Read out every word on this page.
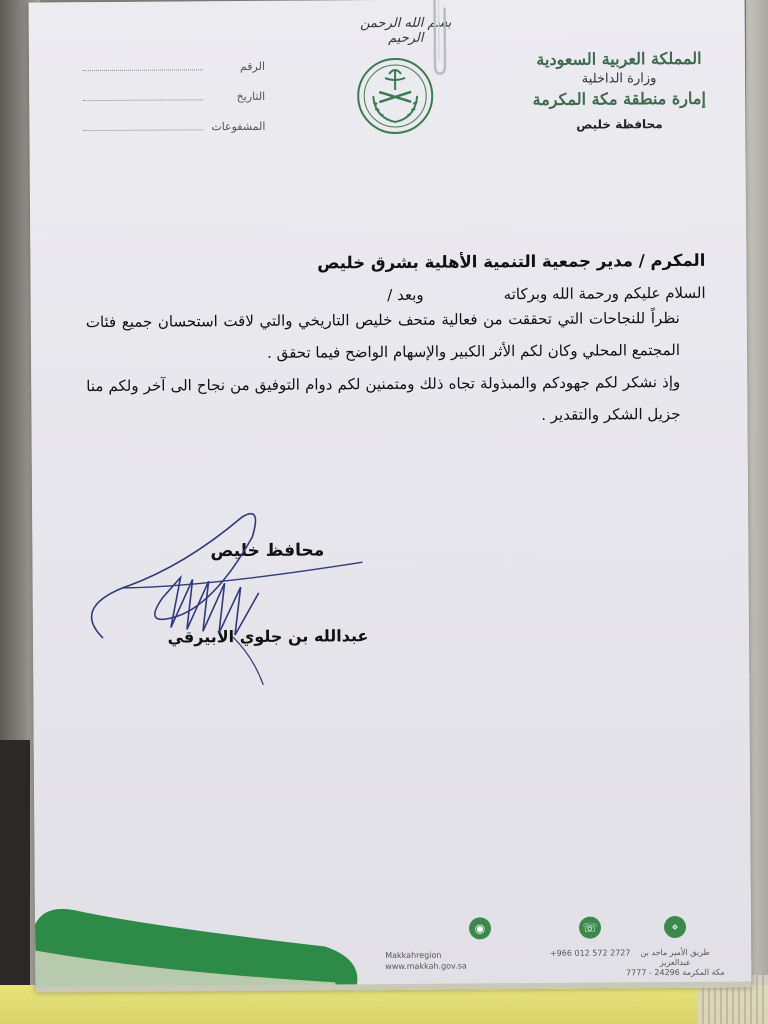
بسم الله الرحمن الرحيم
المملكة العربية السعودية
وزارة الداخلية
إمارة منطقة مكة المكرمة
محافظة خليص
الرقم
التاريخ
المشفوعات
المكرم / مدير جمعية التنمية الأهلية بشرق خليص
السلام عليكم ورحمة الله وبركاته
وبعد /
نظراً للنجاحات التي تحققت من فعالية متحف خليص التاريخي والتي لاقت استحسان جميع فئات المجتمع المحلي وكان لكم الأثر الكبير والإسهام الواضح فيما تحقق .
وإذ نشكر لكم جهودكم والمبذولة تجاه ذلك ومتمنين لكم دوام التوفيق من نجاح الى آخر ولكم منا جزيل الشكر والتقدير .
محافظ خليص
عبدالله بن جلوي الابيرقي
⌖
طريق الأمير ماجد بن عبدالعزيز
مكة المكرمة 24296 - 7777
☏
+966 012 572 2727
◉
Makkahregion
www.makkah.gov.sa
